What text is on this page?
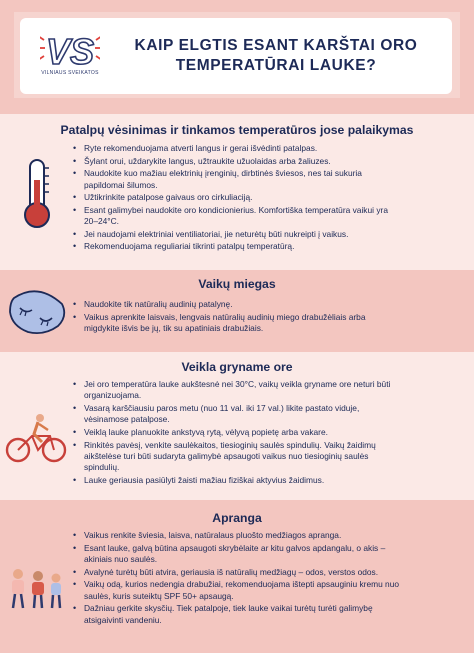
VS
VILNIAUS SVEIKATOS
KAIP ELGTIS ESANT KARŠTAI ORO TEMPERATŪRAI LAUKE?
Patalpų vėsinimas ir tinkamos temperatūros jose palaikymas
• Ryte rekomenduojama atverti langus ir gerai išvėdinti patalpas.
• Šylant orui, uždarykite langus, užtraukite užuolaidas arba žaliuzes.
• Naudokite kuo mažiau elektrinių įrenginių, dirbtinės šviesos, nes tai sukuria papildomai šilumos.
• Užtikrinkite patalpose gaivaus oro cirkuliaciją.
• Esant galimybei naudokite oro kondicionierius. Komfortiška temperatūra vaikui yra 20–24°C.
• Jei naudojami elektriniai ventiliatoriai, jie neturėtų būti nukreipti į vaikus.
• Rekomenduojama reguliariai tikrinti patalpų temperatūrą.
Vaikų miegas
• Naudokite tik natūralių audinių patalynę.
• Vaikus aprenkite laisvais, lengvais natūralių audinių miego drabužėliais arba migdykite išvis be jų, tik su apatiniais drabužiais.
Veikla gryname ore
• Jei oro temperatūra lauke aukštesnė nei 30°C, vaikų veikla gryname ore neturi būti organizuojama.
• Vasarą karščiausiu paros metu (nuo 11 val. iki 17 val.) likite pastato viduje, vėsinamose patalpose.
• Veiklą lauke planuokite ankstyvą rytą, vėlyvą popietę arba vakare.
• Rinkitės pavėsį, venkite saulėkaitos, tiesioginių saulės spindulių. Vaikų žaidimų aikštelėse turi būti sudaryta galimybė apsaugoti vaikus nuo tiesioginių saulės spindulių.
• Lauke geriausia pasiūlyti žaisti mažiau fiziškai aktyvius žaidimus.
Apranga
• Vaikus renkite šviesia, laisva, natūralaus pluošto medžiagos apranga.
• Esant lauke, galvą būtina apsaugoti skrybėlaite ar kitu galvos apdangalu, o akis – akiniais nuo saulės.
• Avalynė turėtų būti atvira, geriausia iš natūralių medžiagų – odos, verstos odos.
• Vaikų odą, kurios nedengia drabužiai, rekomenduojama ištepti apsauginiu kremu nuo saulės, kuris suteiktų SPF 50+ apsaugą.
• Dažniau gerkite skysčių. Tiek patalpoje, tiek lauke vaikai turėtų turėti galimybę atsigaivinti vandeniu.
